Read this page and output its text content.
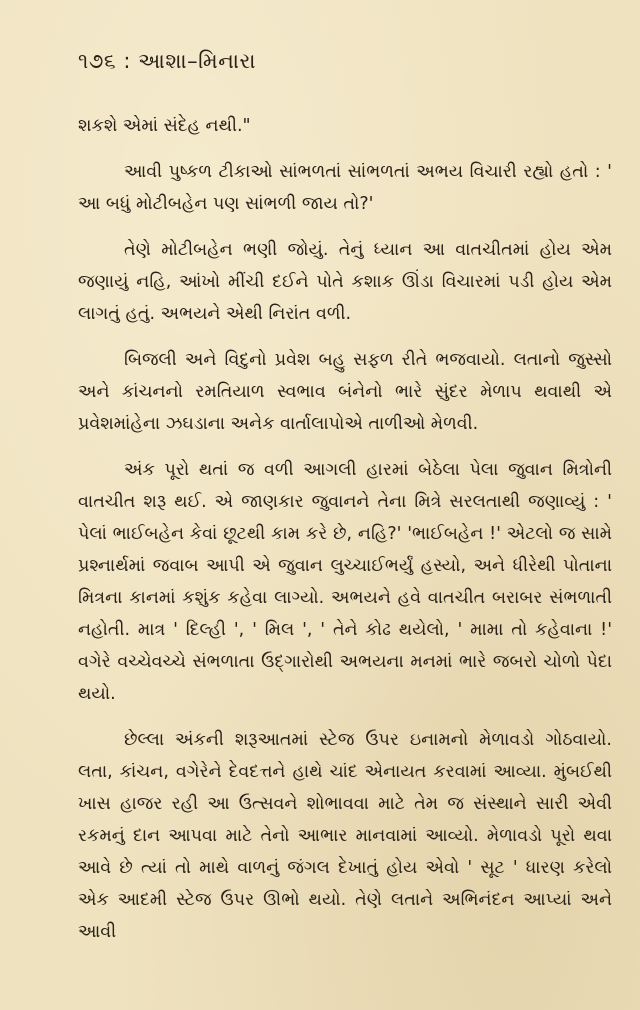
૧૭૬ : આશા–મિનારા

શકશે એમાં સંદેહ નથી."

આવી પુષ્કળ ટીકાઓ સાંભળતાં સાંભળતાં અભય વિચારી રહ્યો હતો : ' આ બધું મોટીબહેન પણ સાંભળી જાય તો?'

તેણે મોટીબહેન ભણી જોયું. તેનું ધ્યાન આ વાતચીતમાં હોય એમ જણાયું નહિ, આંખો મીંચી દઈને પોતે કશાક ઊંડા વિચારમાં પડી હોય એમ લાગતું હતું. અભયને એથી નિરાંત વળી.

બિજલી અને વિદુનો પ્રવેશ બહુ સફળ રીતે ભજવાયો. લતાનો જુસ્સો અને કાંચનનો રમતિયાળ સ્વભાવ બંનેનો ભારે સુંદર મેળાપ થવાથી એ પ્રવેશમાંહેના ઝઘડાના અનેક વાર્તાલાપોએ તાળીઓ મેળવી.

અંક પૂરો થતાં જ વળી આગલી હારમાં બેઠેલા પેલા જુવાન મિત્રોની વાતચીત શરૂ થઈ. એ જાણકાર જુવાનને તેના મિત્રે સરલતાથી જણાવ્યું : ' પેલાં ભાઈબહેન કેવાં છૂટથી કામ કરે છે, નહિ?' 'ભાઈબહેન !' એટલો જ સામે પ્રશ્નાર્થમાં જવાબ આપી એ જુવાન લુચ્ચાઈભર્યું હસ્યો, અને ધીરેથી પોતાના મિત્રના કાનમાં કશુંક કહેવા લાગ્યો. અભયને હવે વાતચીત બરાબર સંભળાતી નહોતી. માત્ર ' દિલ્હી ', ' મિલ ', ' તેને કોઢ થયેલો, ' મામા તો કહેવાના !' વગેરે વચ્ચેવચ્ચે સંભળાતા ઉદ્‌ગારોથી અભયના મનમાં ભારે જબરો ચોળો પેદા થયો.

છેલ્લા અંકની શરૂઆતમાં સ્ટેજ ઉપર ઇનામનો મેળાવડો ગોઠવાયો. લતા, કાંચન, વગેરેને દેવદત્તને હાથે ચાંદ એનાયત કરવામાં આવ્યા. મુંબઈથી ખાસ હાજર રહી આ ઉત્સવને શોભાવવા માટે તેમ જ સંસ્થાને સારી એવી રકમનું દાન આપવા માટે તેનો આભાર માનવામાં આવ્યો. મેળાવડો પૂરો થવા આવે છે ત્યાં તો માથે વાળનું જંગલ દેખાતું હોય એવો ' સૂટ ' ધારણ કરેલો એક આદમી સ્ટેજ ઉપર ઊભો થયો. તેણે લતાને અભિનંદન આપ્યાં અને આવી
